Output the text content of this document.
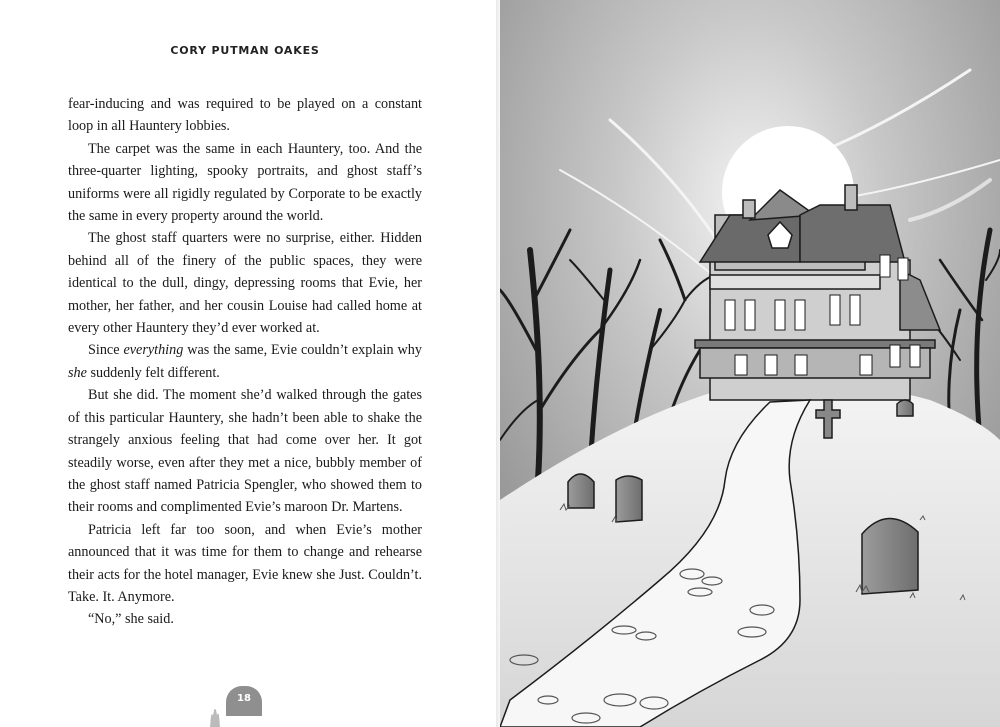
CORY PUTMAN OAKES

fear-inducing and was required to be played on a constant loop in all Hauntery lobbies.

The carpet was the same in each Hauntery, too. And the three-quarter lighting, spooky portraits, and ghost staff’s uniforms were all rigidly regulated by Corporate to be exactly the same in every property around the world.

The ghost staff quarters were no surprise, either. Hidden behind all of the finery of the public spaces, they were identical to the dull, dingy, depressing rooms that Evie, her mother, her father, and her cousin Louise had called home at every other Hauntery they’d ever worked at.

Since everything was the same, Evie couldn’t explain why she suddenly felt different.

But she did. The moment she’d walked through the gates of this particular Hauntery, she hadn’t been able to shake the strangely anxious feeling that had come over her. It got steadily worse, even after they met a nice, bubbly member of the ghost staff named Patricia Spengler, who showed them to their rooms and complimented Evie’s maroon Dr. Martens.

Patricia left far too soon, and when Evie’s mother announced that it was time for them to change and rehearse their acts for the hotel manager, Evie knew she Just. Couldn’t. Take. It. Anymore.

“No,” she said.

18
